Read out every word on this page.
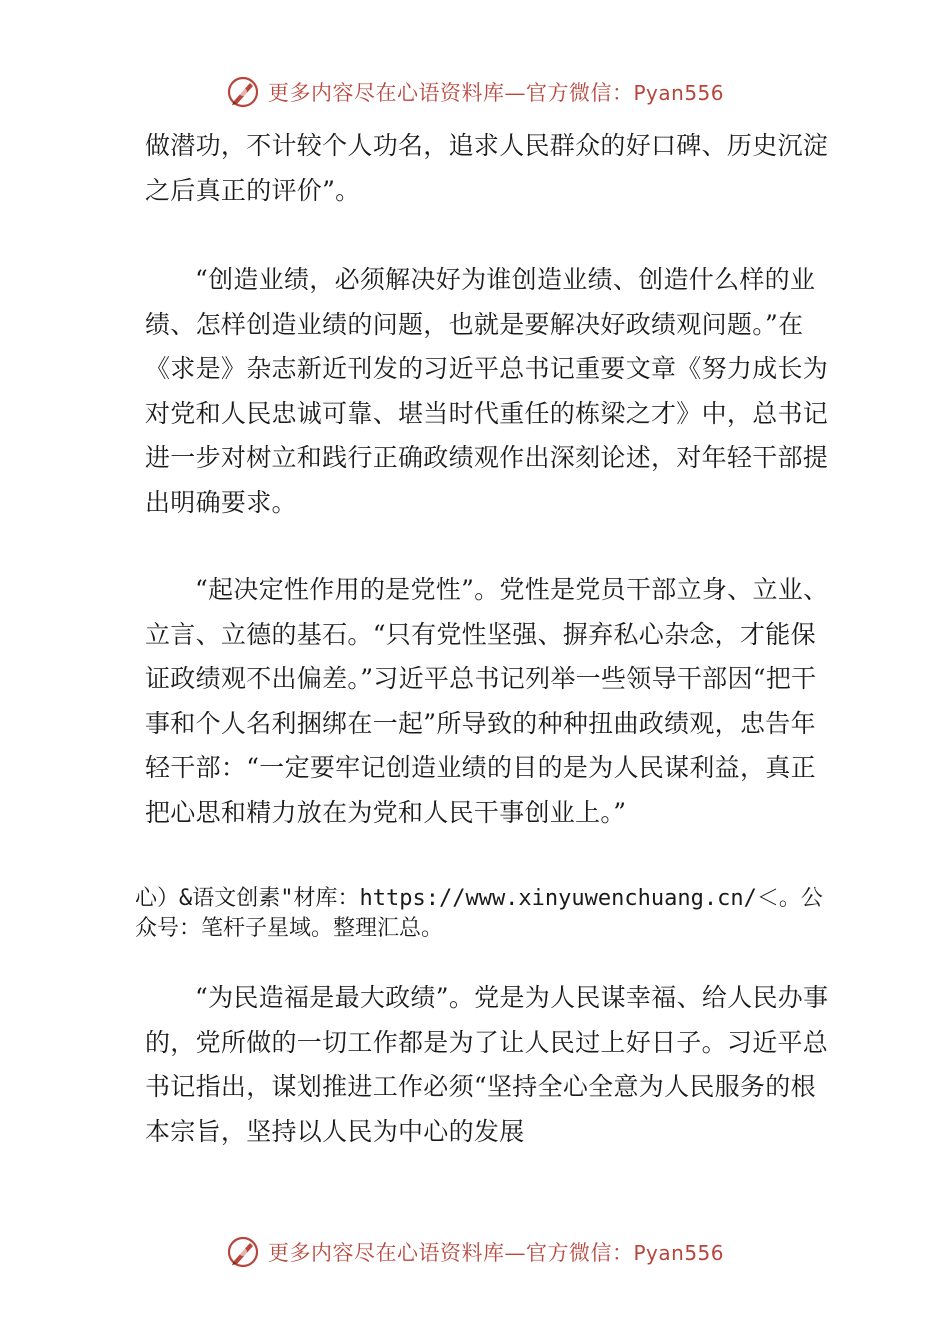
更多内容尽在心语资料库—官方微信：Pyan556

做潜功，不计较个人功名，追求人民群众的好口碑、历史沉淀之后真正的评价”。

“创造业绩，必须解决好为谁创造业绩、创造什么样的业绩、怎样创造业绩的问题，也就是要解决好政绩观问题。”在《求是》杂志新近刊发的习近平总书记重要文章《努力成长为对党和人民忠诚可靠、堪当时代重任的栋梁之才》中，总书记进一步对树立和践行正确政绩观作出深刻论述，对年轻干部提出明确要求。

“起决定性作用的是党性”。党性是党员干部立身、立业、立言、立德的基石。“只有党性坚强、摒弃私心杂念，才能保证政绩观不出偏差。”习近平总书记列举一些领导干部因“把干事和个人名利捆绑在一起”所导致的种种扭曲政绩观，忠告年轻干部：“一定要牢记创造业绩的目的是为人民谋利益，真正把心思和精力放在为党和人民干事创业上。”

心）&语文创素"材库：https://www.xinyuwenchuang.cn/＜。公众号：笔杆子星域。整理汇总。

“为民造福是最大政绩”。党是为人民谋幸福、给人民办事的，党所做的一切工作都是为了让人民过上好日子。习近平总书记指出，谋划推进工作必须“坚持全心全意为人民服务的根本宗旨，坚持以人民为中心的发展

更多内容尽在心语资料库—官方微信：Pyan556
